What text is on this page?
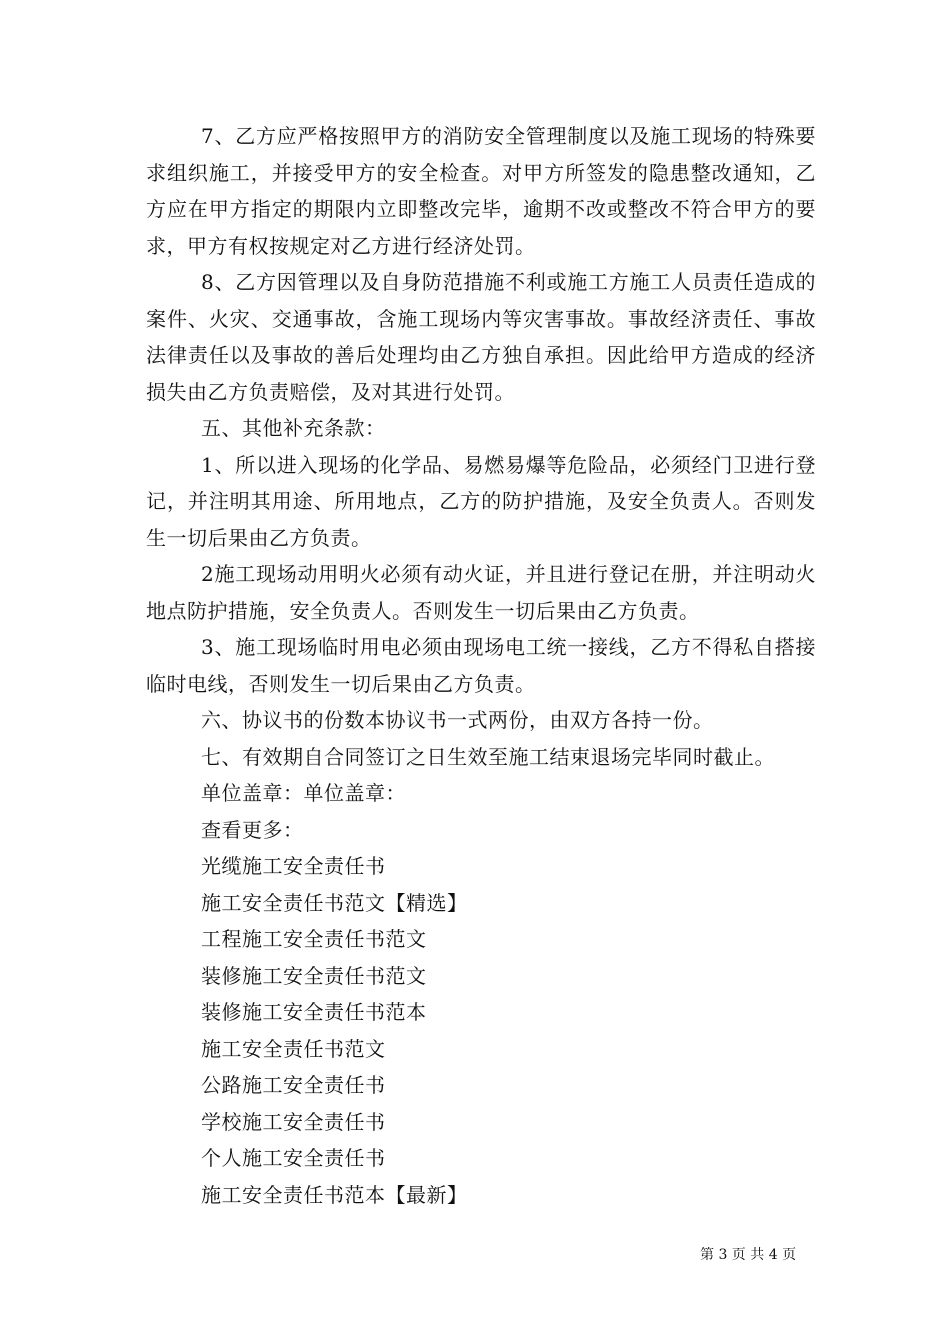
7、乙方应严格按照甲方的消防安全管理制度以及施工现场的特殊要求组织施工，并接受甲方的安全检查。对甲方所签发的隐患整改通知，乙方应在甲方指定的期限内立即整改完毕，逾期不改或整改不符合甲方的要求，甲方有权按规定对乙方进行经济处罚。

8、乙方因管理以及自身防范措施不利或施工方施工人员责任造成的案件、火灾、交通事故，含施工现场内等灾害事故。事故经济责任、事故法律责任以及事故的善后处理均由乙方独自承担。因此给甲方造成的经济损失由乙方负责赔偿，及对其进行处罚。

五、其他补充条款：

1、所以进入现场的化学品、易燃易爆等危险品，必须经门卫进行登记，并注明其用途、所用地点，乙方的防护措施，及安全负责人。否则发生一切后果由乙方负责。

2施工现场动用明火必须有动火证，并且进行登记在册，并注明动火地点防护措施，安全负责人。否则发生一切后果由乙方负责。

3、施工现场临时用电必须由现场电工统一接线，乙方不得私自搭接临时电线，否则发生一切后果由乙方负责。

六、协议书的份数本协议书一式两份，由双方各持一份。

七、有效期自合同签订之日生效至施工结束退场完毕同时截止。

单位盖章：单位盖章：

查看更多：

光缆施工安全责任书

施工安全责任书范文【精选】

工程施工安全责任书范文

装修施工安全责任书范文

装修施工安全责任书范本

施工安全责任书范文

公路施工安全责任书

学校施工安全责任书

个人施工安全责任书

施工安全责任书范本【最新】

第 3 页 共 4 页
